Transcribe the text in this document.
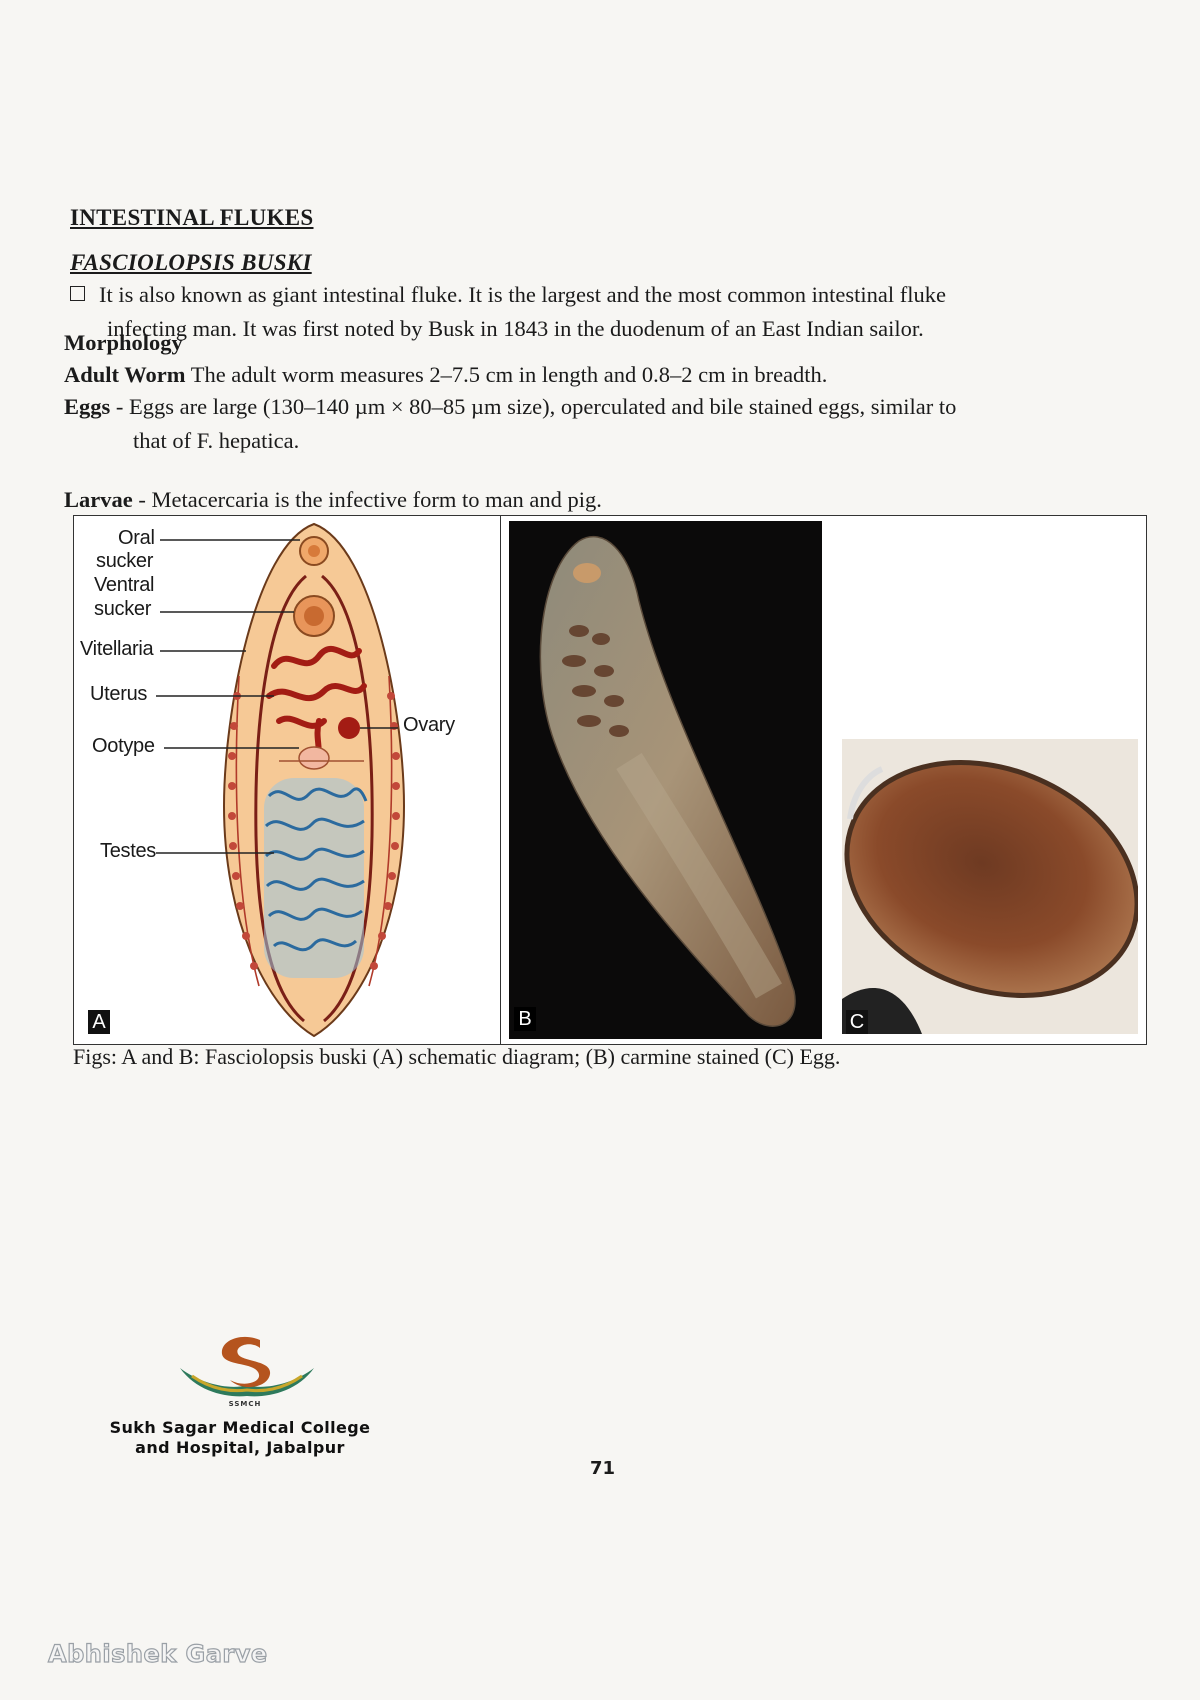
INTESTINAL FLUKES
FASCIOLOPSIS BUSKI
It is also known as giant intestinal fluke. It is the largest and the most common intestinal fluke
infecting man. It was first noted by Busk in 1843 in the duodenum of an East Indian sailor.
Morphology
Adult Worm The adult worm measures 2–7.5 cm in length and 0.8–2 cm in breadth.
Eggs - Eggs are large (130–140 µm × 80–85 µm size), operculated and bile stained eggs, similar to
that of F. hepatica.
Larvae - Metacercaria is the infective form to man and pig.
Oral
sucker
Ventral
sucker
Vitellaria
Uterus
Ootype
Testes
Ovary
A	B	C
Figs: A and B: Fasciolopsis buski (A) schematic diagram; (B) carmine stained (C) Egg.
SSMCH
Sukh Sagar Medical College
and Hospital, Jabalpur
71
Abhishek Garve
